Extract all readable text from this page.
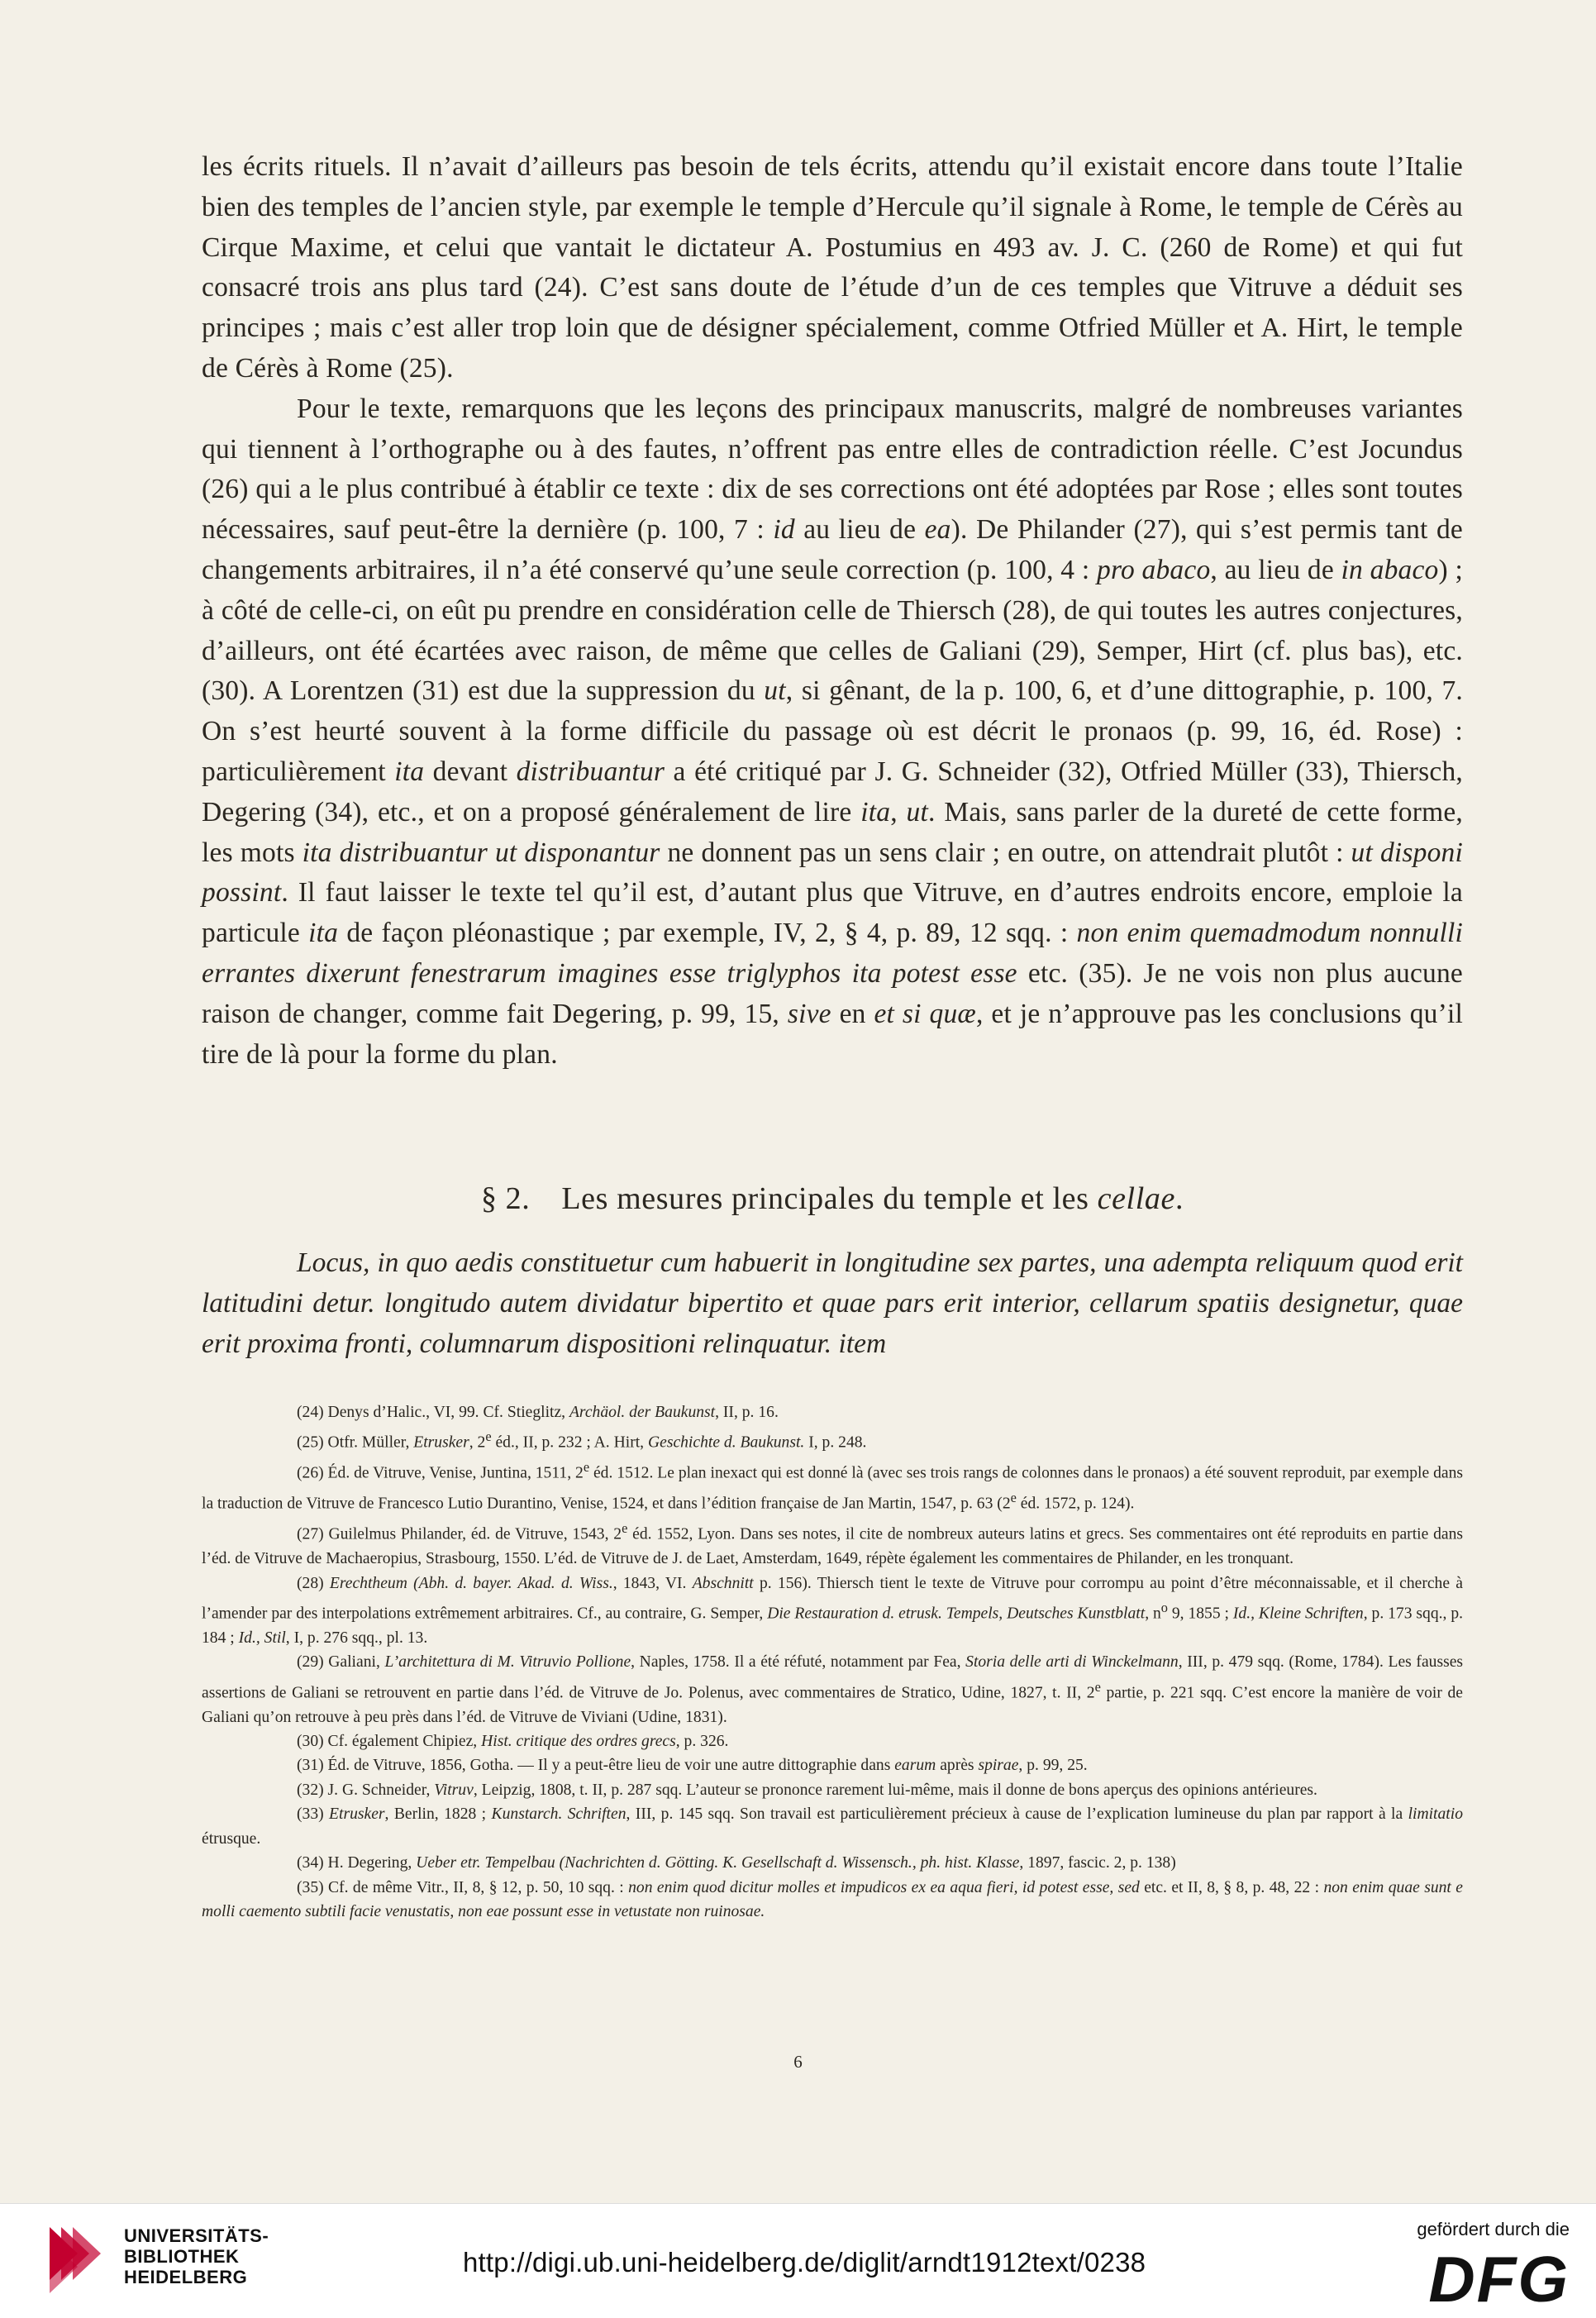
les écrits rituels. Il n’avait d’ailleurs pas besoin de tels écrits, attendu qu’il existait encore dans toute l’Italie bien des temples de l’ancien style, par exemple le temple d’Hercule qu’il signale à Rome, le temple de Cérès au Cirque Maxime, et celui que vantait le dictateur A. Postumius en 493 av. J. C. (260 de Rome) et qui fut consacré trois ans plus tard (24). C’est sans doute de l’étude d’un de ces temples que Vitruve a déduit ses principes ; mais c’est aller trop loin que de désigner spécialement, comme Otfried Müller et A. Hirt, le temple de Cérès à Rome (25).

Pour le texte, remarquons que les leçons des principaux manuscrits, malgré de nombreuses variantes qui tiennent à l’orthographe ou à des fautes, n’offrent pas entre elles de contradiction réelle. C’est Jocundus (26) qui a le plus contribué à établir ce texte : dix de ses corrections ont été adoptées par Rose ; elles sont toutes nécessaires, sauf peut-être la dernière (p. 100, 7 : id au lieu de ea). De Philander (27), qui s’est permis tant de changements arbitraires, il n’a été conservé qu’une seule correction (p. 100, 4 : pro abaco, au lieu de in abaco) ; à côté de celle-ci, on eût pu prendre en considération celle de Thiersch (28), de qui toutes les autres conjectures, d’ailleurs, ont été écartées avec raison, de même que celles de Galiani (29), Semper, Hirt (cf. plus bas), etc. (30). A Lorentzen (31) est due la suppression du ut, si gênant, de la p. 100, 6, et d’une dittographie, p. 100, 7. On s’est heurté souvent à la forme difficile du passage où est décrit le pronaos (p. 99, 16, éd. Rose) : particulièrement ita devant distribuantur a été critiqué par J. G. Schneider (32), Otfried Müller (33), Thiersch, Degering (34), etc., et on a proposé généralement de lire ita, ut. Mais, sans parler de la dureté de cette forme, les mots ita distribuantur ut disponantur ne donnent pas un sens clair ; en outre, on attendrait plutôt : ut disponi possint. Il faut laisser le texte tel qu’il est, d’autant plus que Vitruve, en d’autres endroits encore, emploie la particule ita de façon pléonastique ; par exemple, IV, 2, § 4, p. 89, 12 sqq. : non enim quemadmodum nonnulli errantes dixerunt fenestrarum imagines esse triglyphos ita potest esse etc. (35). Je ne vois non plus aucune raison de changer, comme fait Degering, p. 99, 15, sive en et si quæ, et je n’approuve pas les conclusions qu’il tire de là pour la forme du plan.

§ 2. Les mesures principales du temple et les cellae.
Locus, in quo aedis constituetur cum habuerit in longitudine sex partes, una adempta reliquum quod erit latitudini detur. longitudo autem dividatur bipertito et quae pars erit interior, cellarum spatiis designetur, quae erit proxima fronti, columnarum dispositioni relinquatur. item

(24) Denys d’Halic., VI, 99. Cf. Stieglitz, Archäol. der Baukunst, II, p. 16.

(25) Otfr. Müller, Etrusker, 2e éd., II, p. 232 ; A. Hirt, Geschichte d. Baukunst. I, p. 248.

(26) Éd. de Vitruve, Venise, Juntina, 1511, 2e éd. 1512. Le plan inexact qui est donné là (avec ses trois rangs de colonnes dans le pronaos) a été souvent reproduit, par exemple dans la traduction de Vitruve de Francesco Lutio Durantino, Venise, 1524, et dans l’édition française de Jan Martin, 1547, p. 63 (2e éd. 1572, p. 124).

(27) Guilelmus Philander, éd. de Vitruve, 1543, 2e éd. 1552, Lyon. Dans ses notes, il cite de nombreux auteurs latins et grecs. Ses commentaires ont été reproduits en partie dans l’éd. de Vitruve de Machaeropius, Strasbourg, 1550. L’éd. de Vitruve de J. de Laet, Amsterdam, 1649, répète également les commentaires de Philander, en les tronquant.

(28) Erechtheum (Abh. d. bayer. Akad. d. Wiss., 1843, VI. Abschnitt p. 156). Thiersch tient le texte de Vitruve pour corrompu au point d’être méconnaissable, et il cherche à l’amender par des interpolations extrêmement arbitraires. Cf., au contraire, G. Semper, Die Restauration d. etrusk. Tempels, Deutsches Kunstblatt, $n^o$ 9, 1855 ; Id., Kleine Schriften, p. 173 sqq., p. 184 ; Id., Stil, I, p. 276 sqq., pl. 13.

(29) Galiani, L’architettura di M. Vitruvio Pollione, Naples, 1758. Il a été réfuté, notamment par Fea, Storia delle arti di Winckelmann, III, p. 479 sqq. (Rome, 1784). Les fausses assertions de Galiani se retrouvent en partie dans l’éd. de Vitruve de Jo. Polenus, avec commentaires de Stratico, Udine, 1827, t. II, 2e partie, p. 221 sqq. C’est encore la manière de voir de Galiani qu’on retrouve à peu près dans l’éd. de Vitruve de Viviani (Udine, 1831).

(30) Cf. également Chipiez, Hist. critique des ordres grecs, p. 326.

(31) Éd. de Vitruve, 1856, Gotha. — Il y a peut-être lieu de voir une autre dittographie dans earum après spirae, p. 99, 25.

(32) J. G. Schneider, Vitruv, Leipzig, 1808, t. II, p. 287 sqq. L’auteur se prononce rarement lui-même, mais il donne de bons aperçus des opinions antérieures.

(33) Etrusker, Berlin, 1828 ; Kunstarch. Schriften, III, p. 145 sqq. Son travail est particulièrement précieux à cause de l’explication lumineuse du plan par rapport à la limitatio étrusque.

(34) H. Degering, Ueber etr. Tempelbau (Nachrichten d. Götting. K. Gesellschaft d. Wissensch., ph. hist. Klasse, 1897, fascic. 2, p. 138)

(35) Cf. de même Vitr., II, 8, § 12, p. 50, 10 sqq. : non enim quod dicitur molles et impudicos ex ea aqua fieri, id potest esse, sed etc. et II, 8, § 8, p. 48, 22 : non enim quae sunt e molli caemento subtili facie venustatis, non eae possunt esse in vetustate non ruinosae.

6
UNIVERSITÄTS-
BIBLIOTHEK
HEIDELBERG	http://digi.ub.uni-heidelberg.de/diglit/arndt1912text/0238
gefördert durch die
DFG
